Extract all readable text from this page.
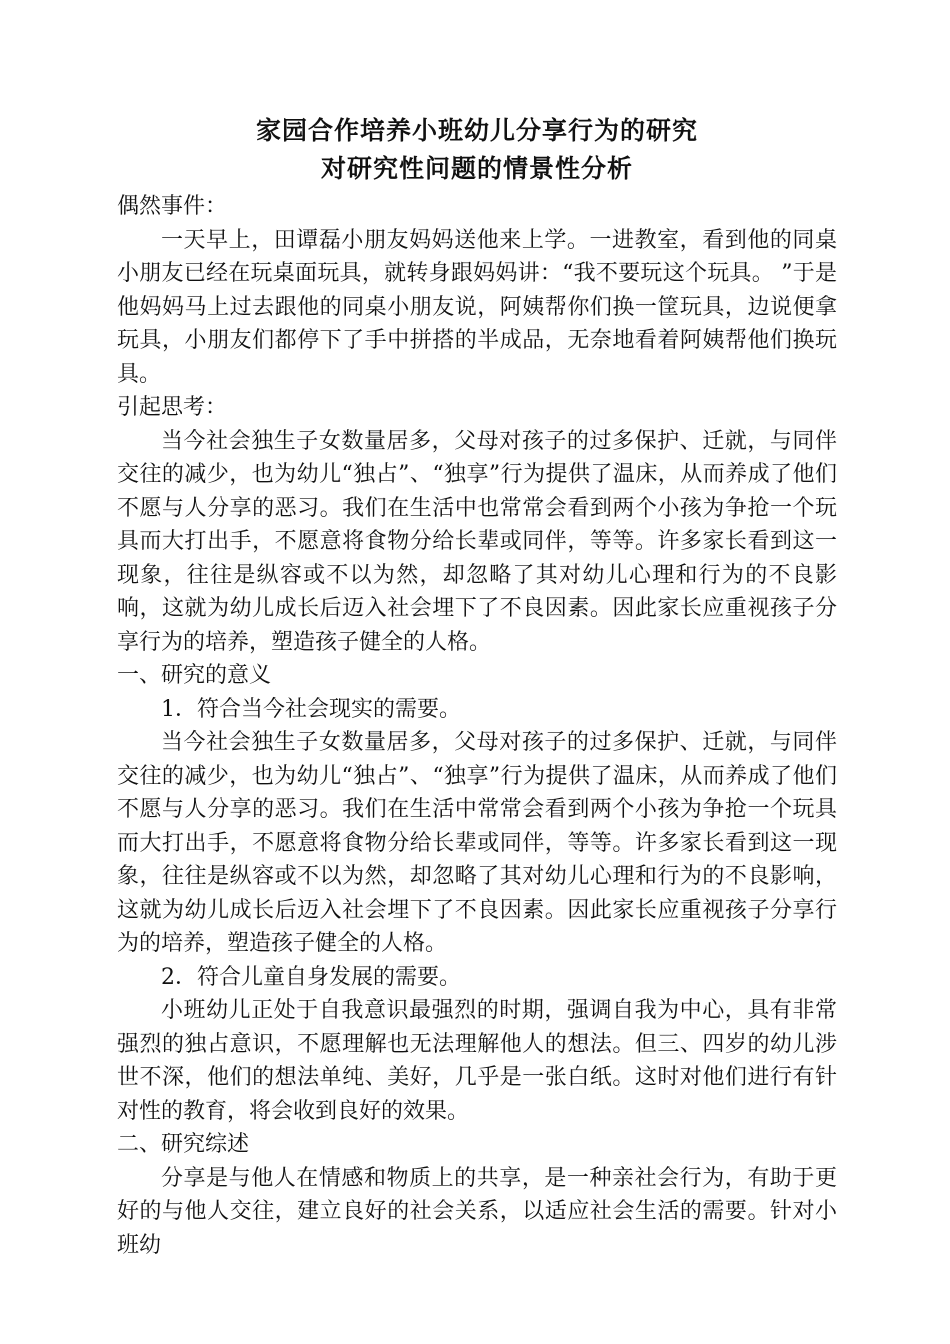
家园合作培养小班幼儿分享行为的研究
对研究性问题的情景性分析

偶然事件：

一天早上，田谭磊小朋友妈妈送他来上学。一进教室，看到他的同桌小朋友已经在玩桌面玩具，就转身跟妈妈讲：“我不要玩这个玩具。 ”于是他妈妈马上过去跟他的同桌小朋友说，阿姨帮你们换一筐玩具，边说便拿玩具，小朋友们都停下了手中拼搭的半成品，无奈地看着阿姨帮他们换玩具。

引起思考：

当今社会独生子女数量居多，父母对孩子的过多保护、迁就，与同伴交往的减少，也为幼儿“独占”、“独享”行为提供了温床，从而养成了他们不愿与人分享的恶习。我们在生活中也常常会看到两个小孩为争抢一个玩具而大打出手，不愿意将食物分给长辈或同伴，等等。许多家长看到这一现象，往往是纵容或不以为然，却忽略了其对幼儿心理和行为的不良影响，这就为幼儿成长后迈入社会埋下了不良因素。因此家长应重视孩子分享行为的培养，塑造孩子健全的人格。

一、研究的意义

1．符合当今社会现实的需要。

当今社会独生子女数量居多，父母对孩子的过多保护、迁就，与同伴交往的减少，也为幼儿“独占”、“独享”行为提供了温床，从而养成了他们不愿与人分享的恶习。我们在生活中常常会看到两个小孩为争抢一个玩具而大打出手，不愿意将食物分给长辈或同伴，等等。许多家长看到这一现象，往往是纵容或不以为然，却忽略了其对幼儿心理和行为的不良影响，这就为幼儿成长后迈入社会埋下了不良因素。因此家长应重视孩子分享行为的培养，塑造孩子健全的人格。

2．符合儿童自身发展的需要。

小班幼儿正处于自我意识最强烈的时期，强调自我为中心，具有非常强烈的独占意识，不愿理解也无法理解他人的想法。但三、四岁的幼儿涉世不深，他们的想法单纯、美好，几乎是一张白纸。这时对他们进行有针对性的教育，将会收到良好的效果。

二、研究综述

分享是与他人在情感和物质上的共享，是一种亲社会行为，有助于更好的与他人交往，建立良好的社会关系，以适应社会生活的需要。针对小班幼
